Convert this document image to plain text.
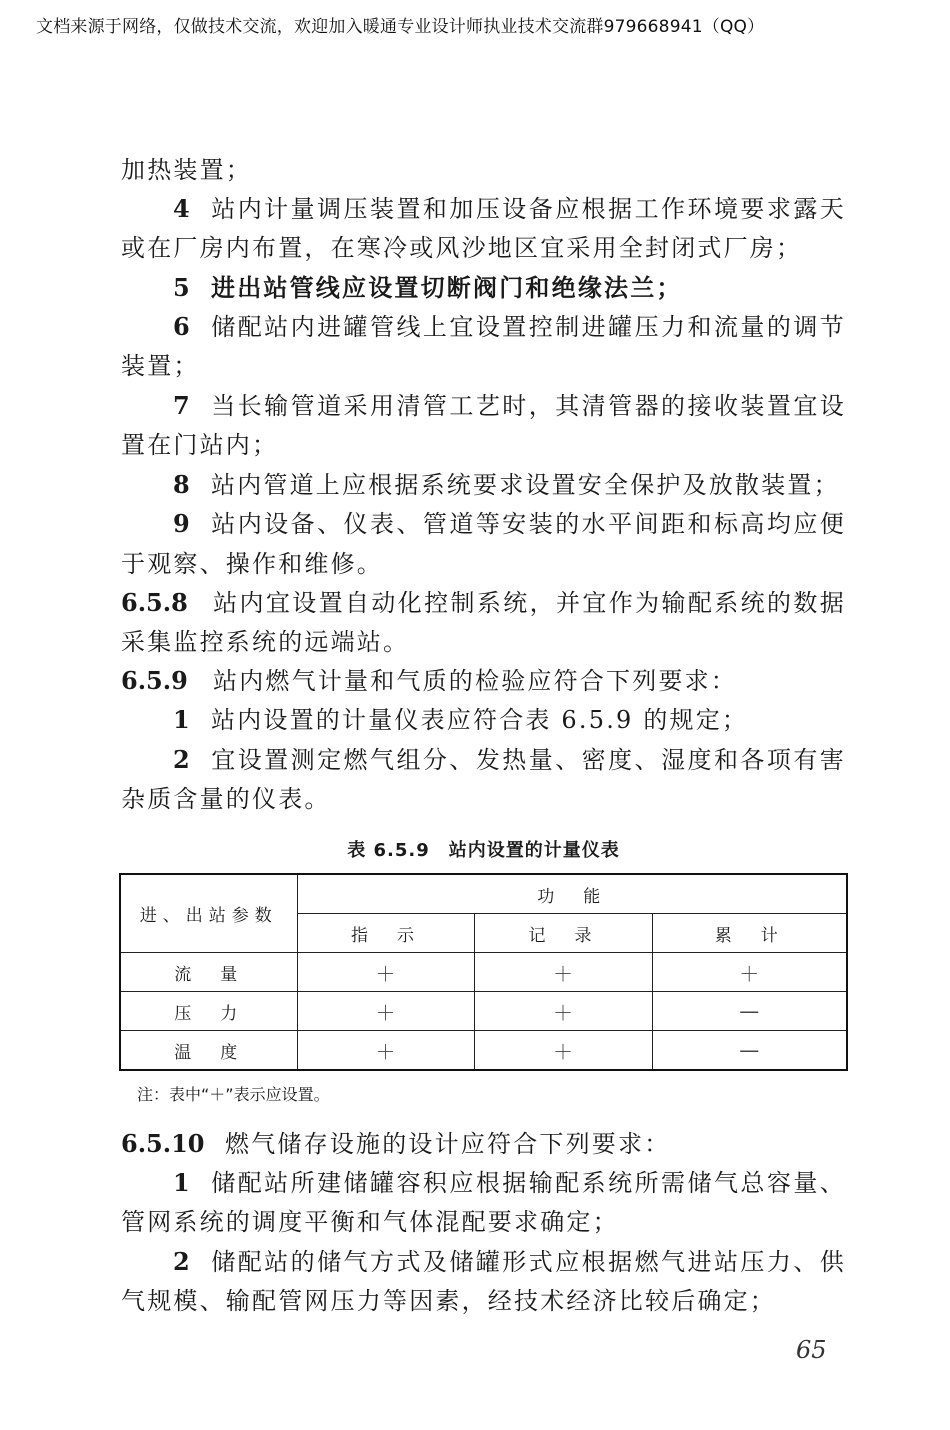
文档来源于网络，仅做技术交流，欢迎加入暖通专业设计师执业技术交流群979668941（QQ）
加热装置；
4 站内计量调压装置和加压设备应根据工作环境要求露天
或在厂房内布置，在寒冷或风沙地区宜采用全封闭式厂房；
5 进出站管线应设置切断阀门和绝缘法兰；
6 储配站内进罐管线上宜设置控制进罐压力和流量的调节
装置；
7 当长输管道采用清管工艺时，其清管器的接收装置宜设
置在门站内；
8 站内管道上应根据系统要求设置安全保护及放散装置；
9 站内设备、仪表、管道等安装的水平间距和标高均应便
于观察、操作和维修。
6.5.8 站内宜设置自动化控制系统，并宜作为输配系统的数据
采集监控系统的远端站。
6.5.9 站内燃气计量和气质的检验应符合下列要求：
1 站内设置的计量仪表应符合表 6.5.9 的规定；
2 宜设置测定燃气组分、发热量、密度、湿度和各项有害
杂质含量的仪表。
表 6.5.9　站内设置的计量仪表
6.5.10 燃气储存设施的设计应符合下列要求：
1 储配站所建储罐容积应根据输配系统所需储气总容量、
管网系统的调度平衡和气体混配要求确定；
2 储配站的储气方式及储罐形式应根据燃气进站压力、供
气规模、输配管网压力等因素，经技术经济比较后确定；
进、出站参数	功　能		
	指　示	记　录	累　计
流　量	＋	＋	＋
压　力	＋	＋	—
温　度	＋	＋	—
注：表中“＋”表示应设置。
65
